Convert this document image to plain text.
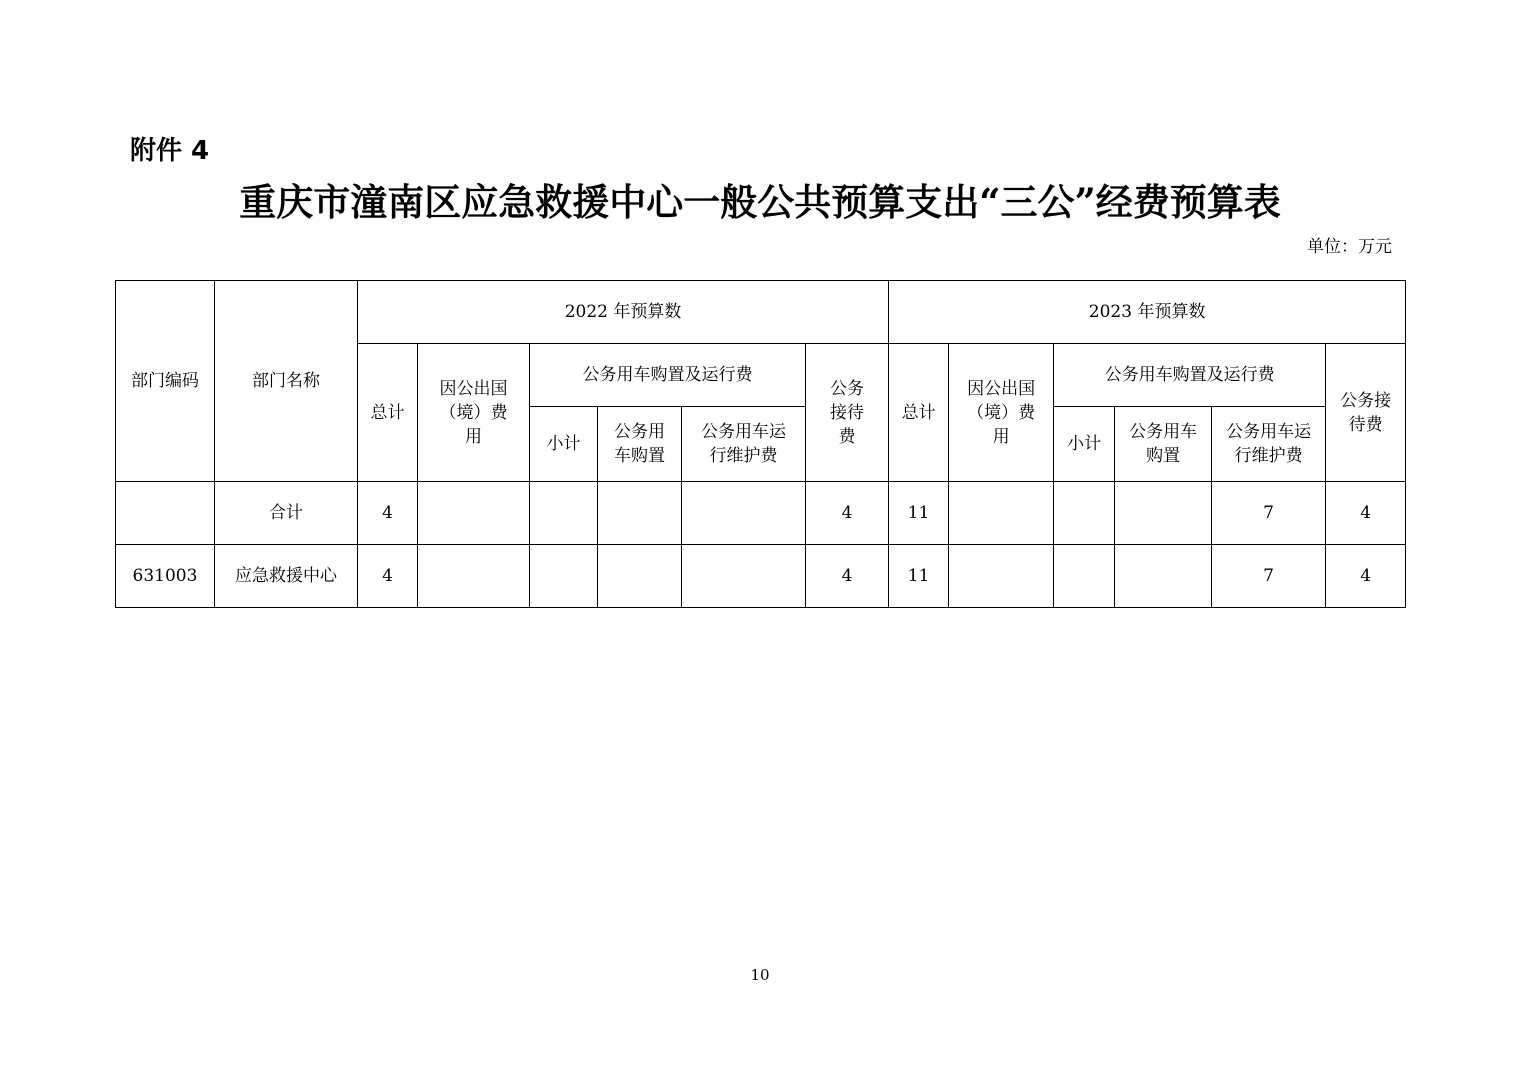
附件 4
重庆市潼南区应急救援中心一般公共预算支出“三公”经费预算表
单位：万元
部门编码	部门名称	2022 年预算数						2023 年预算数					
		总计	因公出国（境）费用	公务用车购置及运行费			公务接待费	总计	因公出国（境）费用	公务用车购置及运行费			公务接待费
				小计	公务用车购置	公务用车运行维护费				小计	公务用车购置	公务用车运行维护费	
	合计	4					4	11				7	4
631003	应急救援中心	4					4	11				7	4
10
